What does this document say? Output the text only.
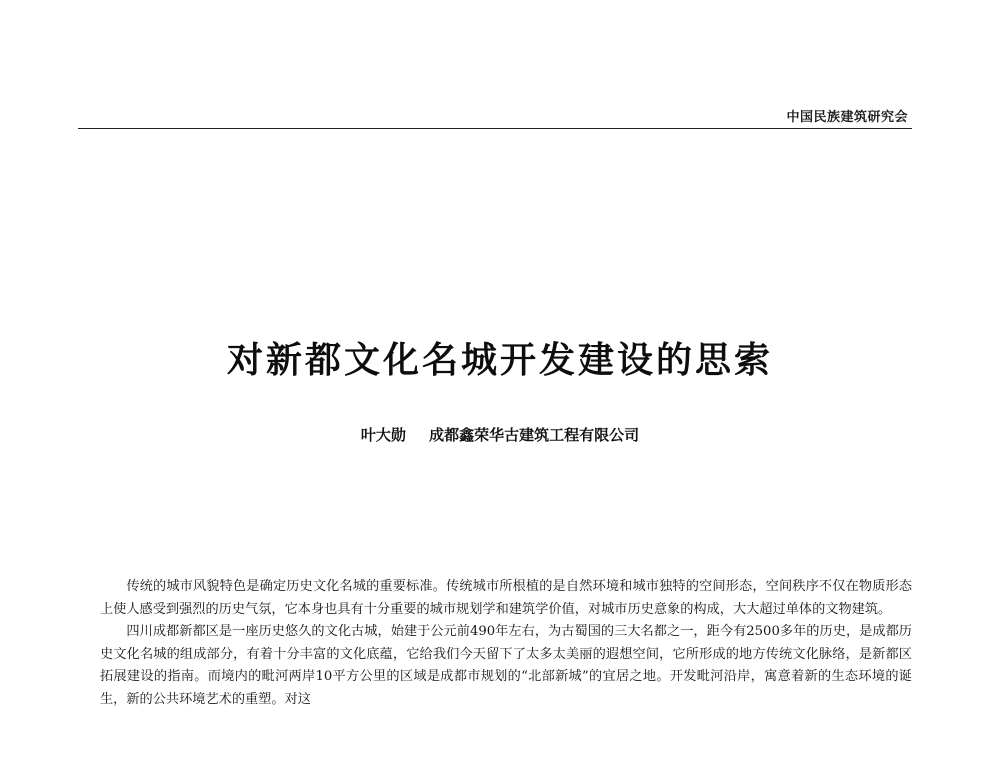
中国民族建筑研究会
对新都文化名城开发建设的思索
叶大勋 成都鑫荣华古建筑工程有限公司

传统的城市风貌特色是确定历史文化名城的重要标准。传统城市所根植的是自然环境和城市独特的空间形态，空间秩序不仅在物质形态上使人感受到强烈的历史气氛，它本身也具有十分重要的城市规划学和建筑学价值，对城市历史意象的构成，大大超过单体的文物建筑。

四川成都新都区是一座历史悠久的文化古城，始建于公元前490年左右，为古蜀国的三大名都之一，距今有2500多年的历史，是成都历史文化名城的组成部分，有着十分丰富的文化底蕴，它给我们今天留下了太多太美丽的遐想空间，它所形成的地方传统文化脉络，是新都区拓展建设的指南。而境内的毗河两岸10平方公里的区域是成都市规划的“北部新城”的宜居之地。开发毗河沿岸，寓意着新的生态环境的诞生，新的公共环境艺术的重塑。对这
